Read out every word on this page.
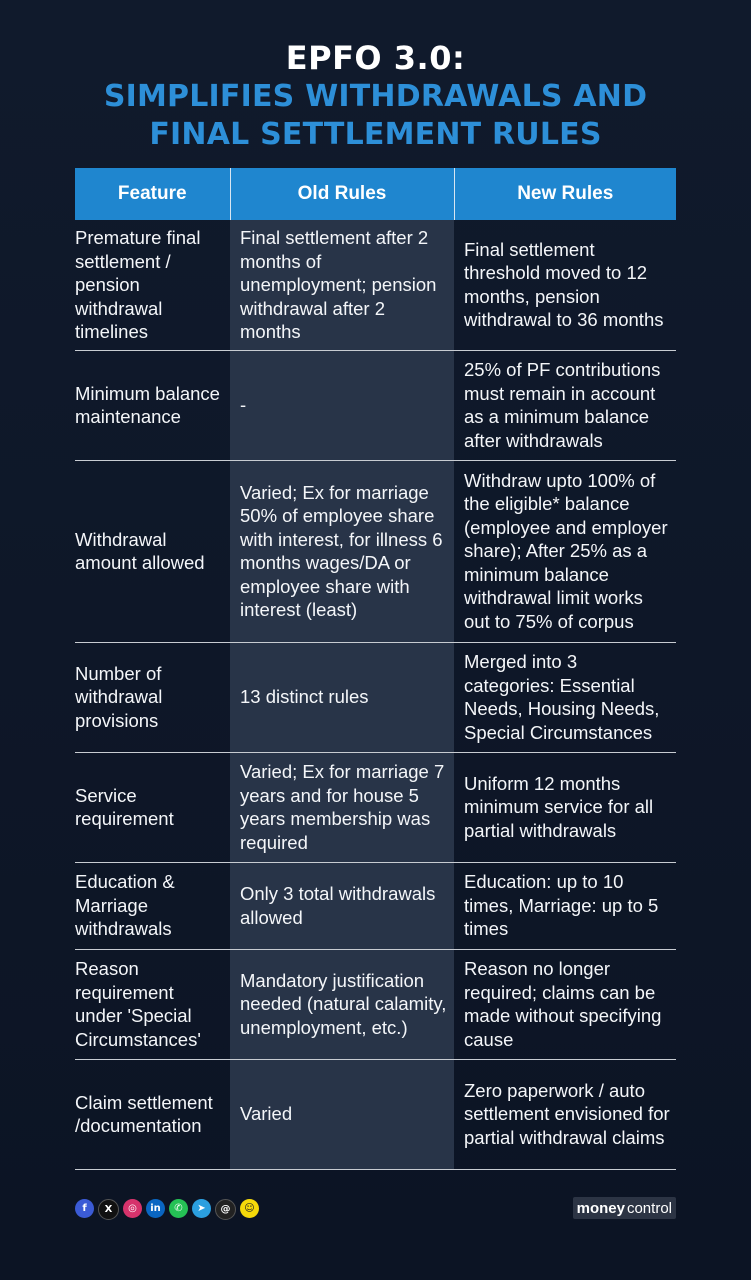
EPFO 3.0:
SIMPLIFIES WITHDRAWALS AND
FINAL SETTLEMENT RULES
Feature	Old Rules	New Rules
Premature final settlement / pension withdrawal timelines	Final settlement after 2 months of unemployment; pension withdrawal after 2 months	Final settlement threshold moved to 12 months, pension withdrawal to 36 months
Minimum balance maintenance	-	25% of PF contributions must remain in account as a minimum balance after withdrawals
Withdrawal amount allowed	Varied; Ex for marriage 50% of employee share with interest, for illness 6 months wages/DA or employee share with interest (least)	Withdraw upto 100% of the eligible* balance (employee and employer share); After 25% as a minimum balance withdrawal limit works out to 75% of corpus
Number of withdrawal provisions	13 distinct rules	Merged into 3 categories: Essential Needs, Housing Needs, Special Circumstances
Service requirement	Varied; Ex for marriage 7 years and for house 5 years membership was required	Uniform 12 months minimum service for all partial withdrawals
Education & Marriage withdrawals	Only 3 total withdrawals allowed	Education: up to 10 times, Marriage: up to 5 times
Reason requirement under 'Special Circumstances'	Mandatory justification needed (natural calamity, unemployment, etc.)	Reason no longer required; claims can be made without specifying cause
Claim settlement /documentation	Varied	Zero paperwork / auto settlement envisioned for partial withdrawal claims
f	X	◎	in	✆	➤	@	☺	money control
